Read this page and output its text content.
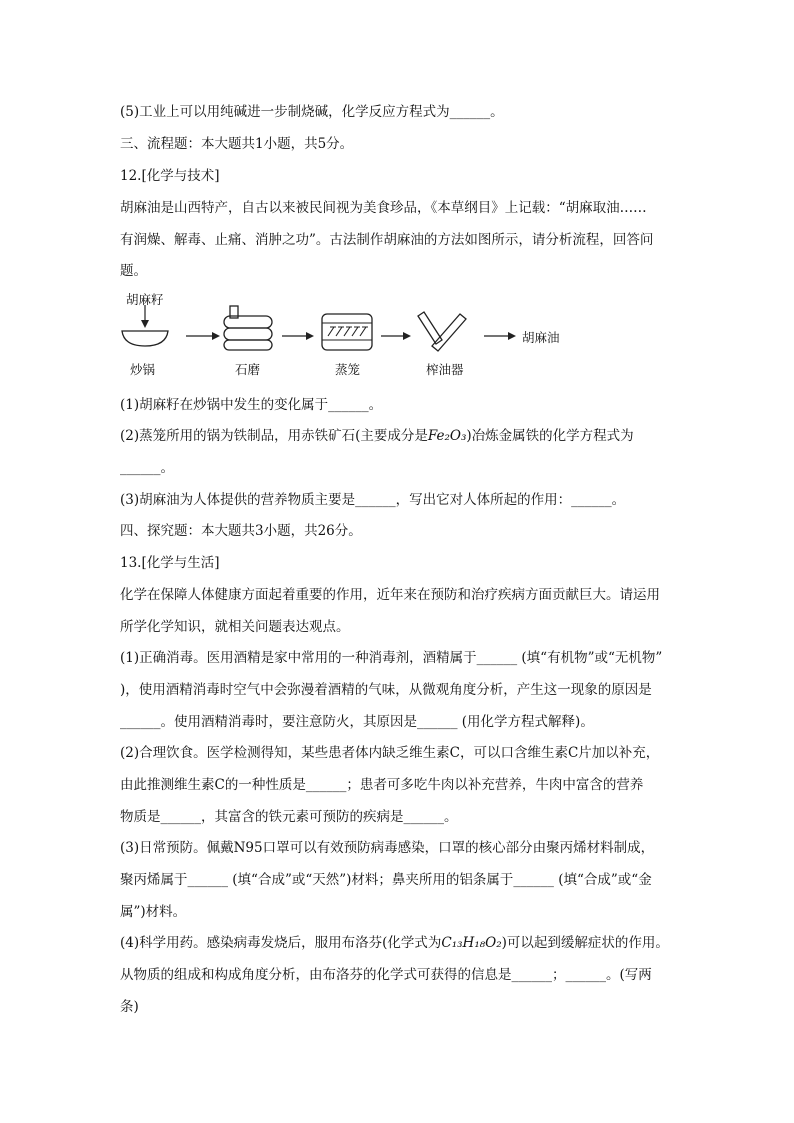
(5)工业上可以用纯碱进一步制烧碱，化学反应方程式为______。
三、流程题：本大题共1小题，共5分。
12.[化学与技术]
胡麻油是山西特产，自古以来被民间视为美食珍品，《本草纲目》上记载：“胡麻取油……
有润燥、解毒、止痛、消肿之功”。古法制作胡麻油的方法如图所示，请分析流程，回答问
题。
胡麻籽
炒锅	石磨	蒸笼	榨油器
胡麻油
(1)胡麻籽在炒锅中发生的变化属于______。
(2)蒸笼所用的锅为铁制品，用赤铁矿石(主要成分是Fe₂O₃)冶炼金属铁的化学方程式为
______。
(3)胡麻油为人体提供的营养物质主要是______，写出它对人体所起的作用：______。
四、探究题：本大题共3小题，共26分。
13.[化学与生活]
化学在保障人体健康方面起着重要的作用，近年来在预防和治疗疾病方面贡献巨大。请运用
所学化学知识，就相关问题表达观点。
(1)正确消毒。医用酒精是家中常用的一种消毒剂，酒精属于______ (填“有机物”或“无机物”
)，使用酒精消毒时空气中会弥漫着酒精的气味，从微观角度分析，产生这一现象的原因是
______。使用酒精消毒时，要注意防火，其原因是______ (用化学方程式解释)。
(2)合理饮食。医学检测得知，某些患者体内缺乏维生素C，可以口含维生素C片加以补充，
由此推测维生素C的一种性质是______；患者可多吃牛肉以补充营养，牛肉中富含的营养
物质是______，其富含的铁元素可预防的疾病是______。
(3)日常预防。佩戴N95口罩可以有效预防病毒感染，口罩的核心部分由聚丙烯材料制成，
聚丙烯属于______ (填“合成”或“天然”)材料；鼻夹所用的铝条属于______ (填“合成”或“金
属”)材料。
(4)科学用药。感染病毒发烧后，服用布洛芬(化学式为C₁₃H₁₈O₂)可以起到缓解症状的作用。
从物质的组成和构成角度分析，由布洛芬的化学式可获得的信息是______；______。(写两
条)
